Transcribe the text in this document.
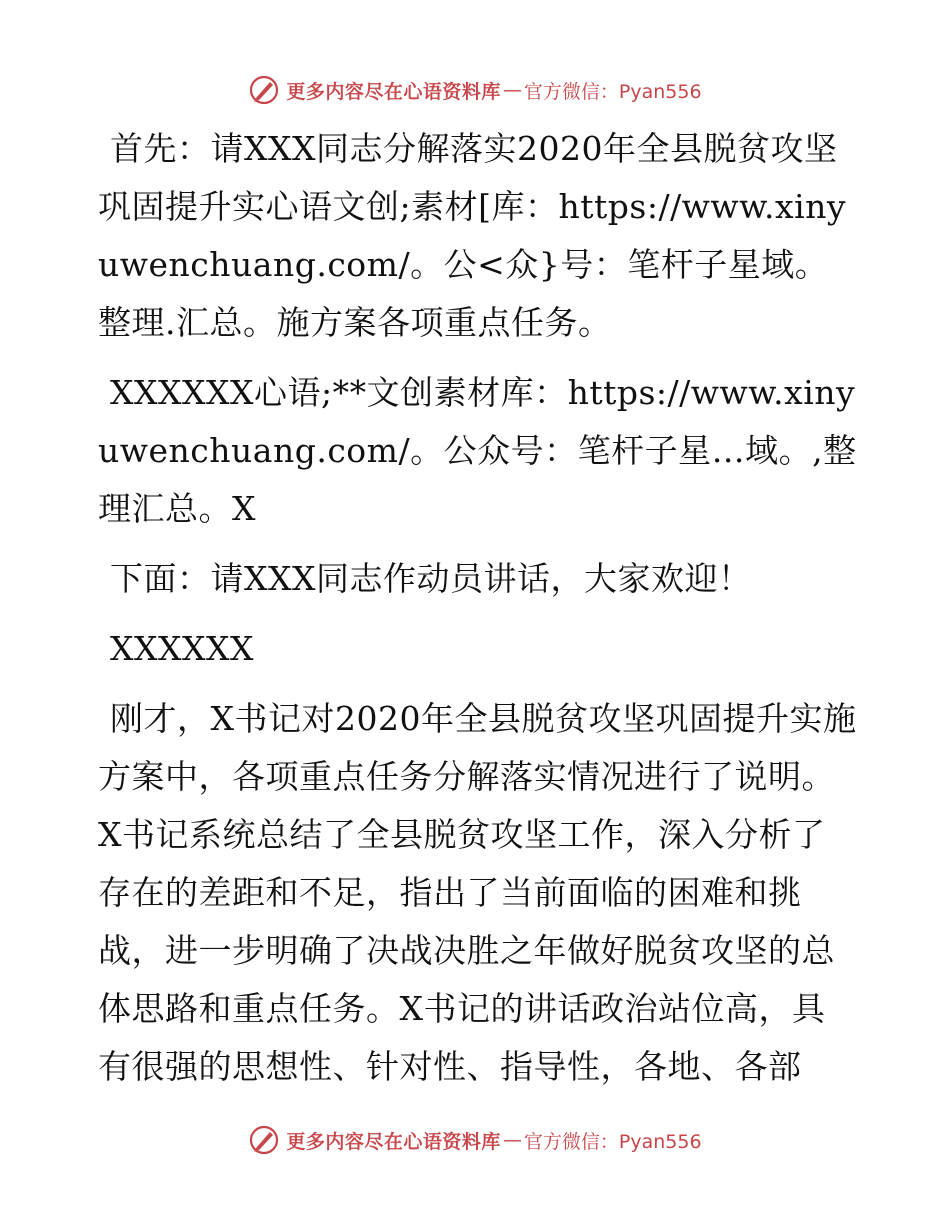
更多内容尽在心语资料库 — 官方微信：Pyan556

首先：请XXX同志分解落实2020年全县脱贫攻坚巩固提升实心语文创;素材[库：https://www.xinyuwenchuang.com/。公<众}号：笔杆子星域。整理.汇总。施方案各项重点任务。

XXXXXX心语;**文创素材库：https://www.xinyuwenchuang.com/。公众号：笔杆子星…域。,整理汇总。X

下面：请XXX同志作动员讲话，大家欢迎！

XXXXXX

刚才，X书记对2020年全县脱贫攻坚巩固提升实施方案中，各项重点任务分解落实情况进行了说明。X书记系统总结了全县脱贫攻坚工作，深入分析了存在的差距和不足，指出了当前面临的困难和挑战，进一步明确了决战决胜之年做好脱贫攻坚的总体思路和重点任务。X书记的讲话政治站位高，具有很强的思想性、针对性、指导性，各地、各部

更多内容尽在心语资料库 — 官方微信：Pyan556
